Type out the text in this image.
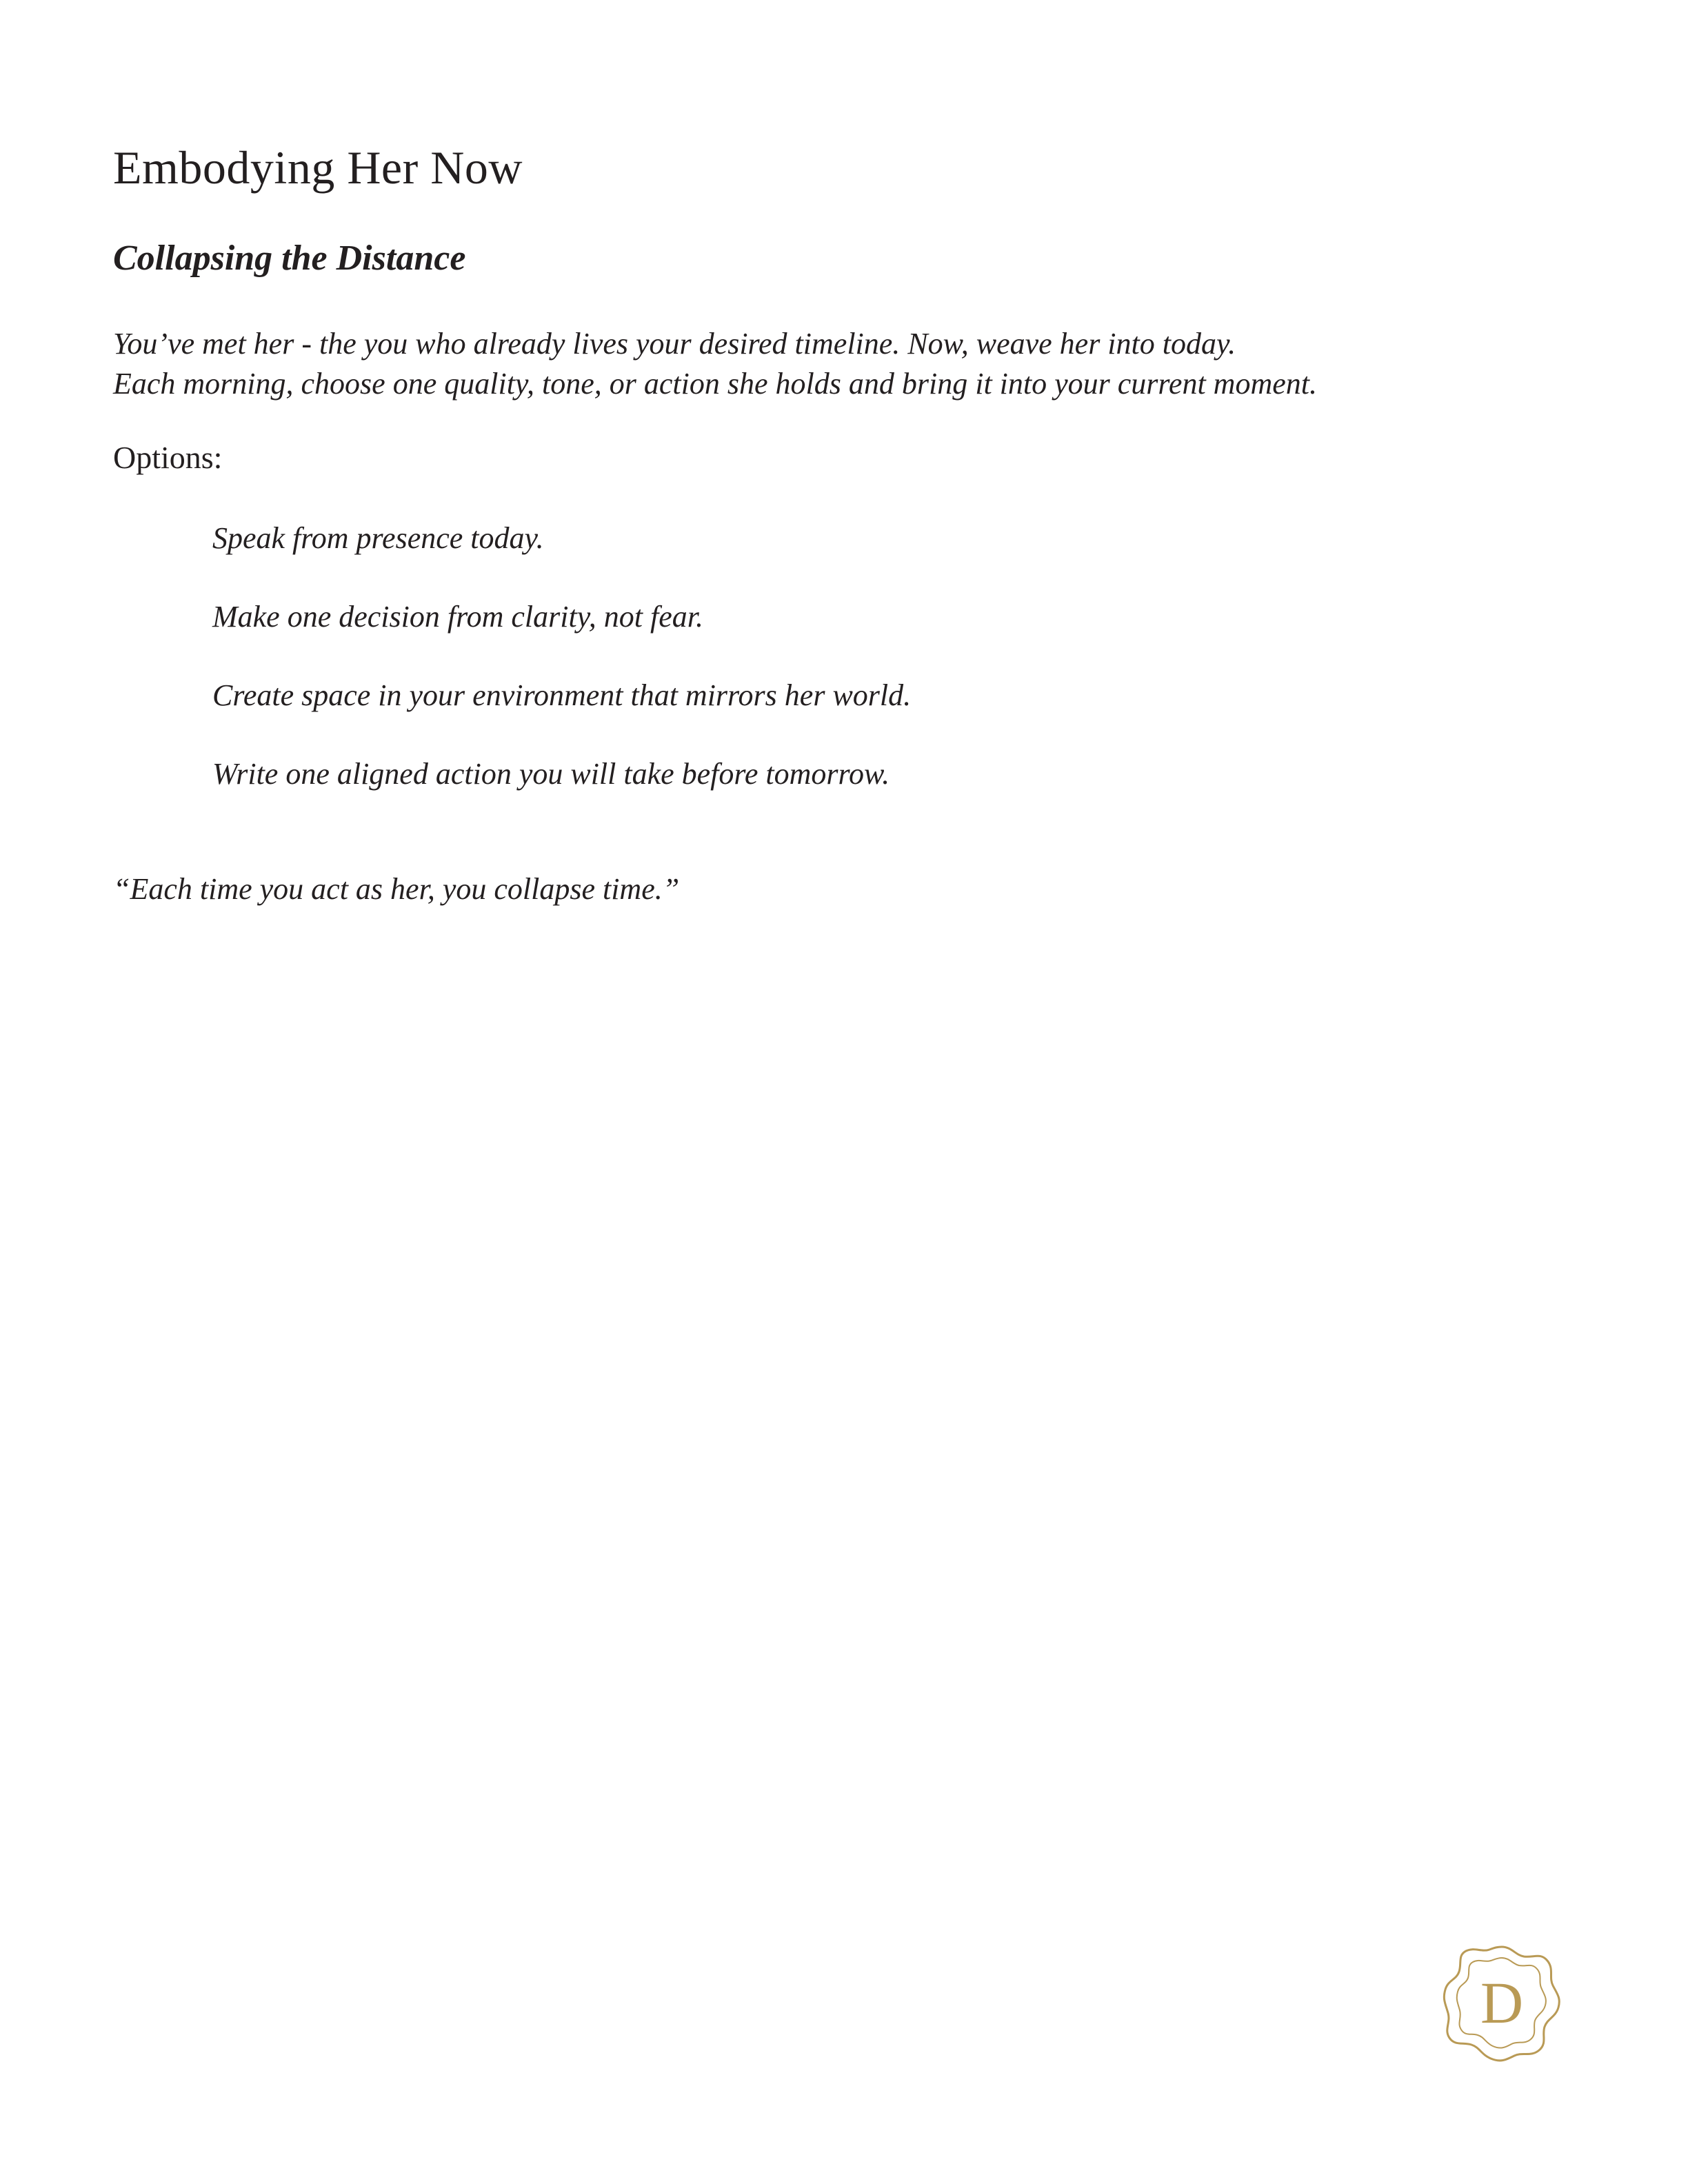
Embodying Her Now
Collapsing the Distance

You’ve met her - the you who already lives your desired timeline. Now, weave her into today.
Each morning, choose one quality, tone, or action she holds and bring it into your current moment.

Options:

Speak from presence today.
Make one decision from clarity, not fear.
Create space in your environment that mirrors her world.
Write one aligned action you will take before tomorrow.

“Each time you act as her, you collapse time.”

D
